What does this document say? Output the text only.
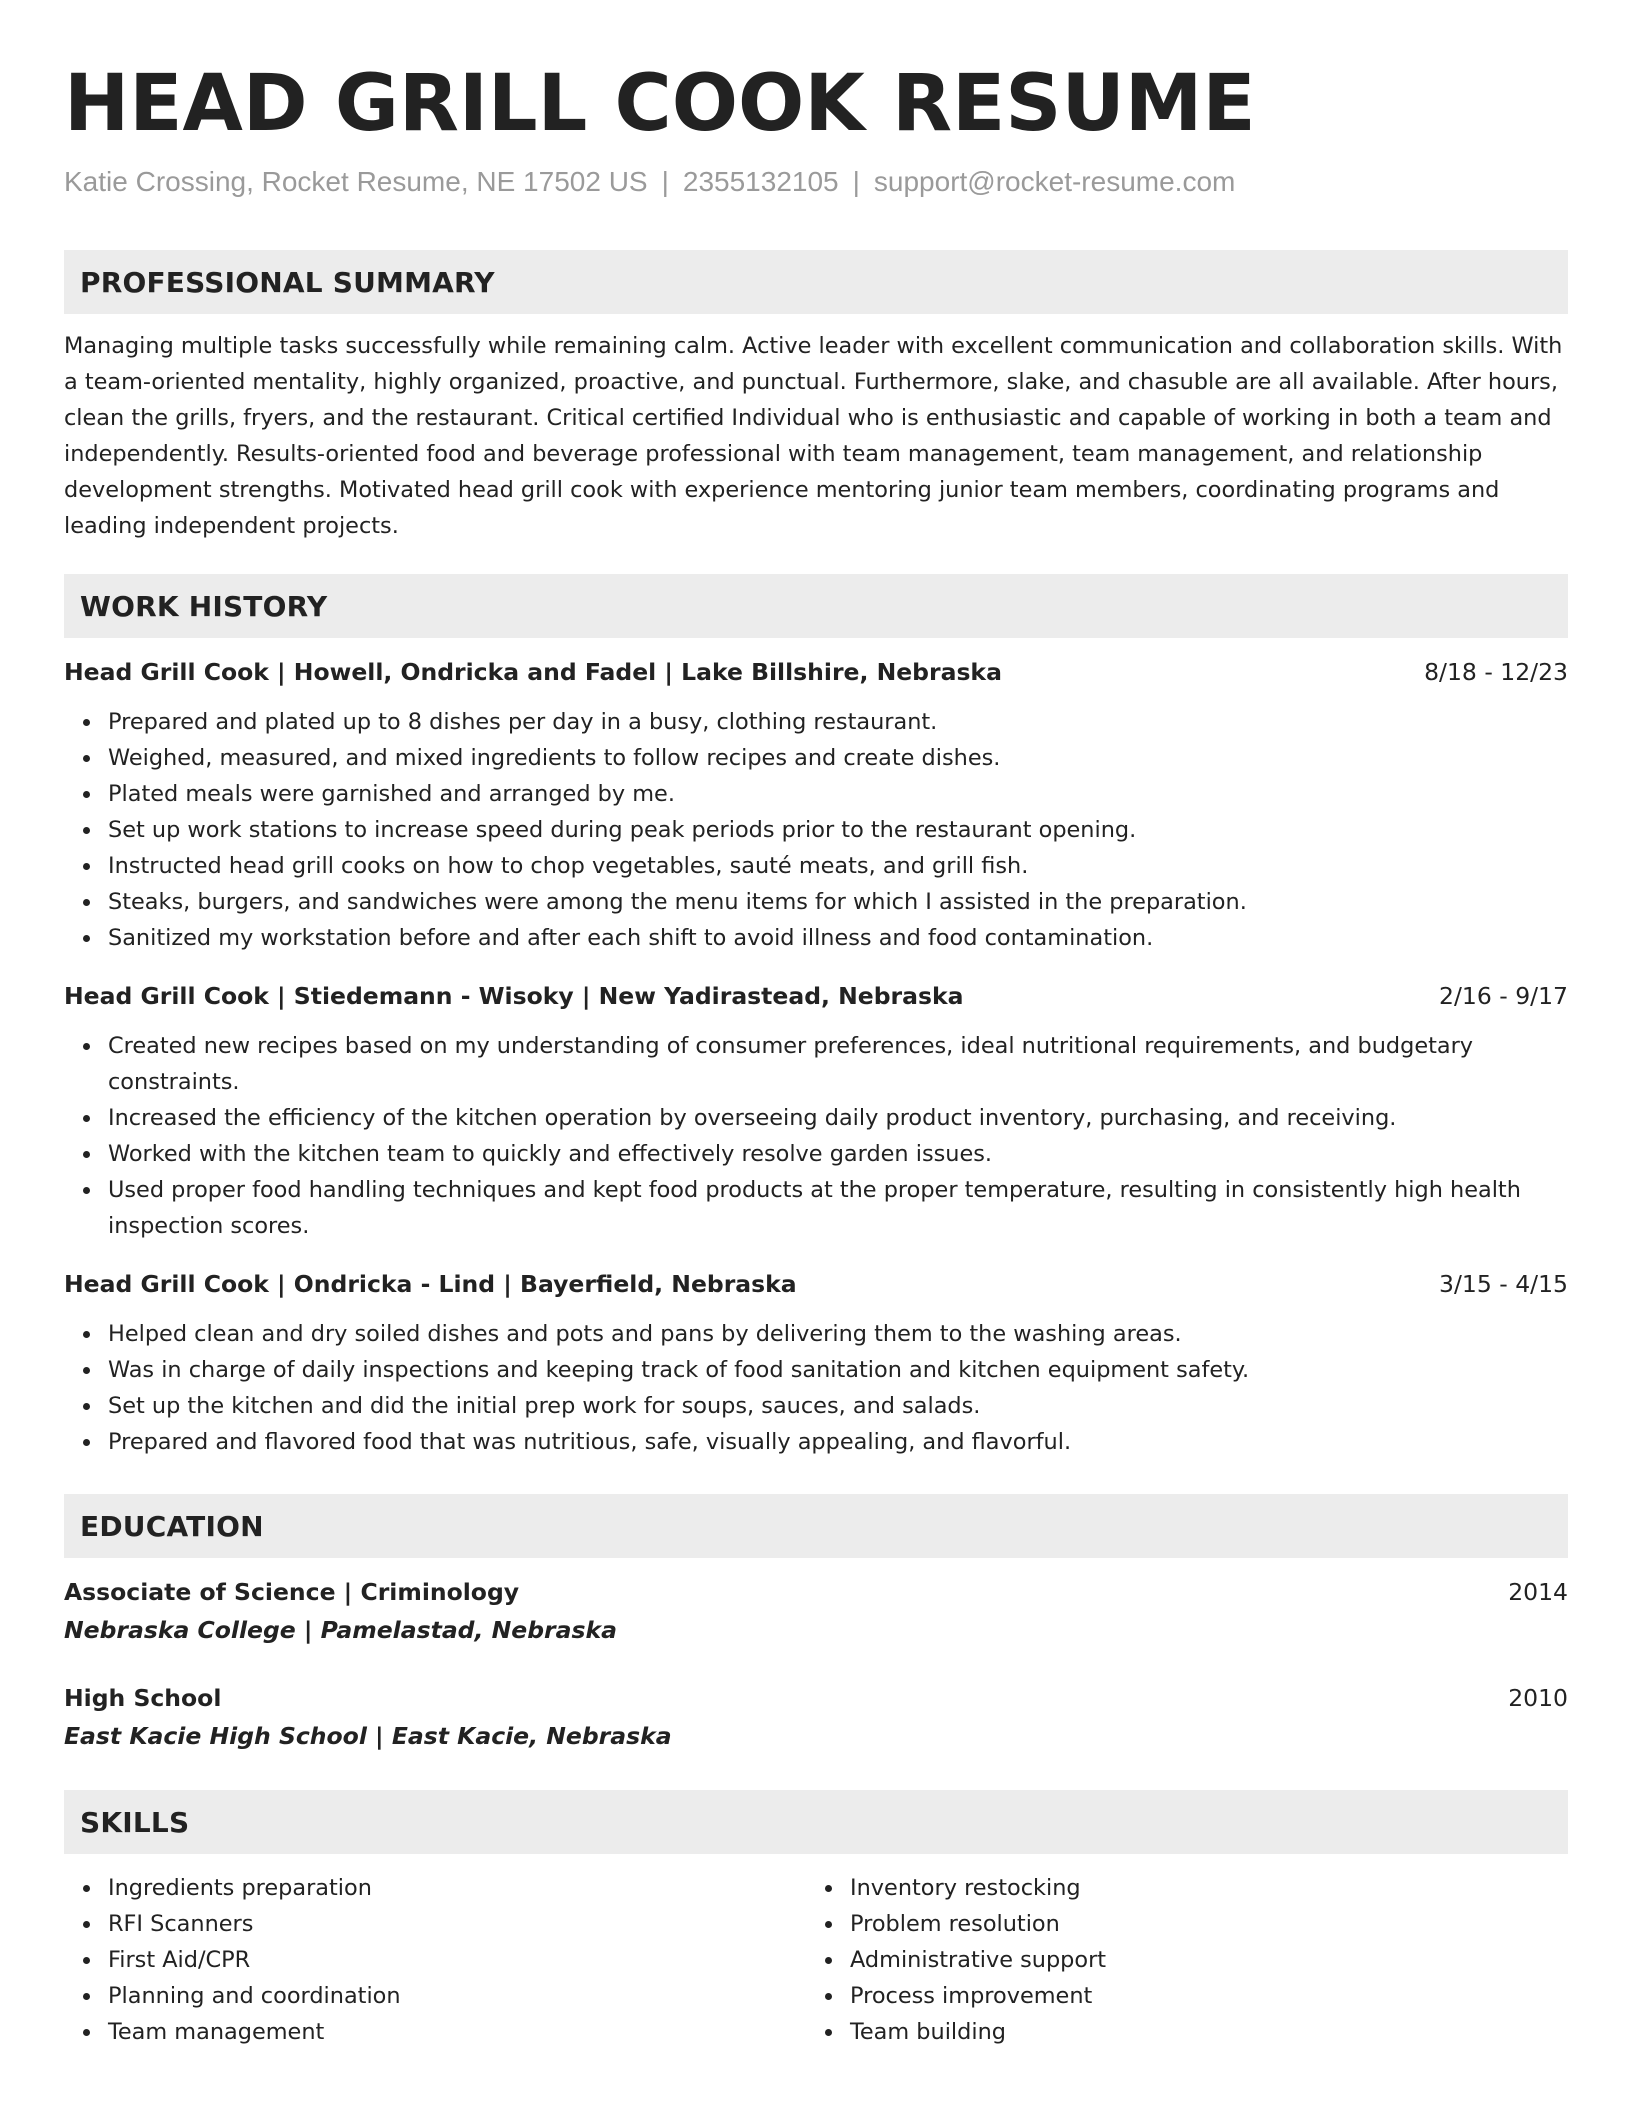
HEAD GRILL COOK RESUME
Katie Crossing, Rocket Resume, NE 17502 US | 2355132105 | support@rocket-resume.com
PROFESSIONAL SUMMARY

Managing multiple tasks successfully while remaining calm. Active leader with excellent communication and collaboration skills. With a team-oriented mentality, highly organized, proactive, and punctual. Furthermore, slake, and chasuble are all available. After hours, clean the grills, fryers, and the restaurant. Critical certified Individual who is enthusiastic and capable of working in both a team and independently. Results-oriented food and beverage professional with team management, team management, and relationship development strengths. Motivated head grill cook with experience mentoring junior team members, coordinating programs and leading independent projects.

WORK HISTORY
Head Grill Cook | Howell, Ondricka and Fadel | Lake Billshire, Nebraska	8/18 - 12/23
Prepared and plated up to 8 dishes per day in a busy, clothing restaurant.
Weighed, measured, and mixed ingredients to follow recipes and create dishes.
Plated meals were garnished and arranged by me.
Set up work stations to increase speed during peak periods prior to the restaurant opening.
Instructed head grill cooks on how to chop vegetables, sauté meats, and grill fish.
Steaks, burgers, and sandwiches were among the menu items for which I assisted in the preparation.
Sanitized my workstation before and after each shift to avoid illness and food contamination.
Head Grill Cook | Stiedemann - Wisoky | New Yadirastead, Nebraska	2/16 - 9/17
Created new recipes based on my understanding of consumer preferences, ideal nutritional requirements, and budgetary constraints.
Increased the efficiency of the kitchen operation by overseeing daily product inventory, purchasing, and receiving.
Worked with the kitchen team to quickly and effectively resolve garden issues.
Used proper food handling techniques and kept food products at the proper temperature, resulting in consistently high health inspection scores.
Head Grill Cook | Ondricka - Lind | Bayerfield, Nebraska	3/15 - 4/15
Helped clean and dry soiled dishes and pots and pans by delivering them to the washing areas.
Was in charge of daily inspections and keeping track of food sanitation and kitchen equipment safety.
Set up the kitchen and did the initial prep work for soups, sauces, and salads.
Prepared and flavored food that was nutritious, safe, visually appealing, and flavorful.
EDUCATION
Associate of Science | Criminology	2014
Nebraska College | Pamelastad, Nebraska
High School	2010
East Kacie High School | East Kacie, Nebraska
SKILLS
Ingredients preparation
RFI Scanners
First Aid/CPR
Planning and coordination
Team management
Inventory restocking
Problem resolution
Administrative support
Process improvement
Team building
